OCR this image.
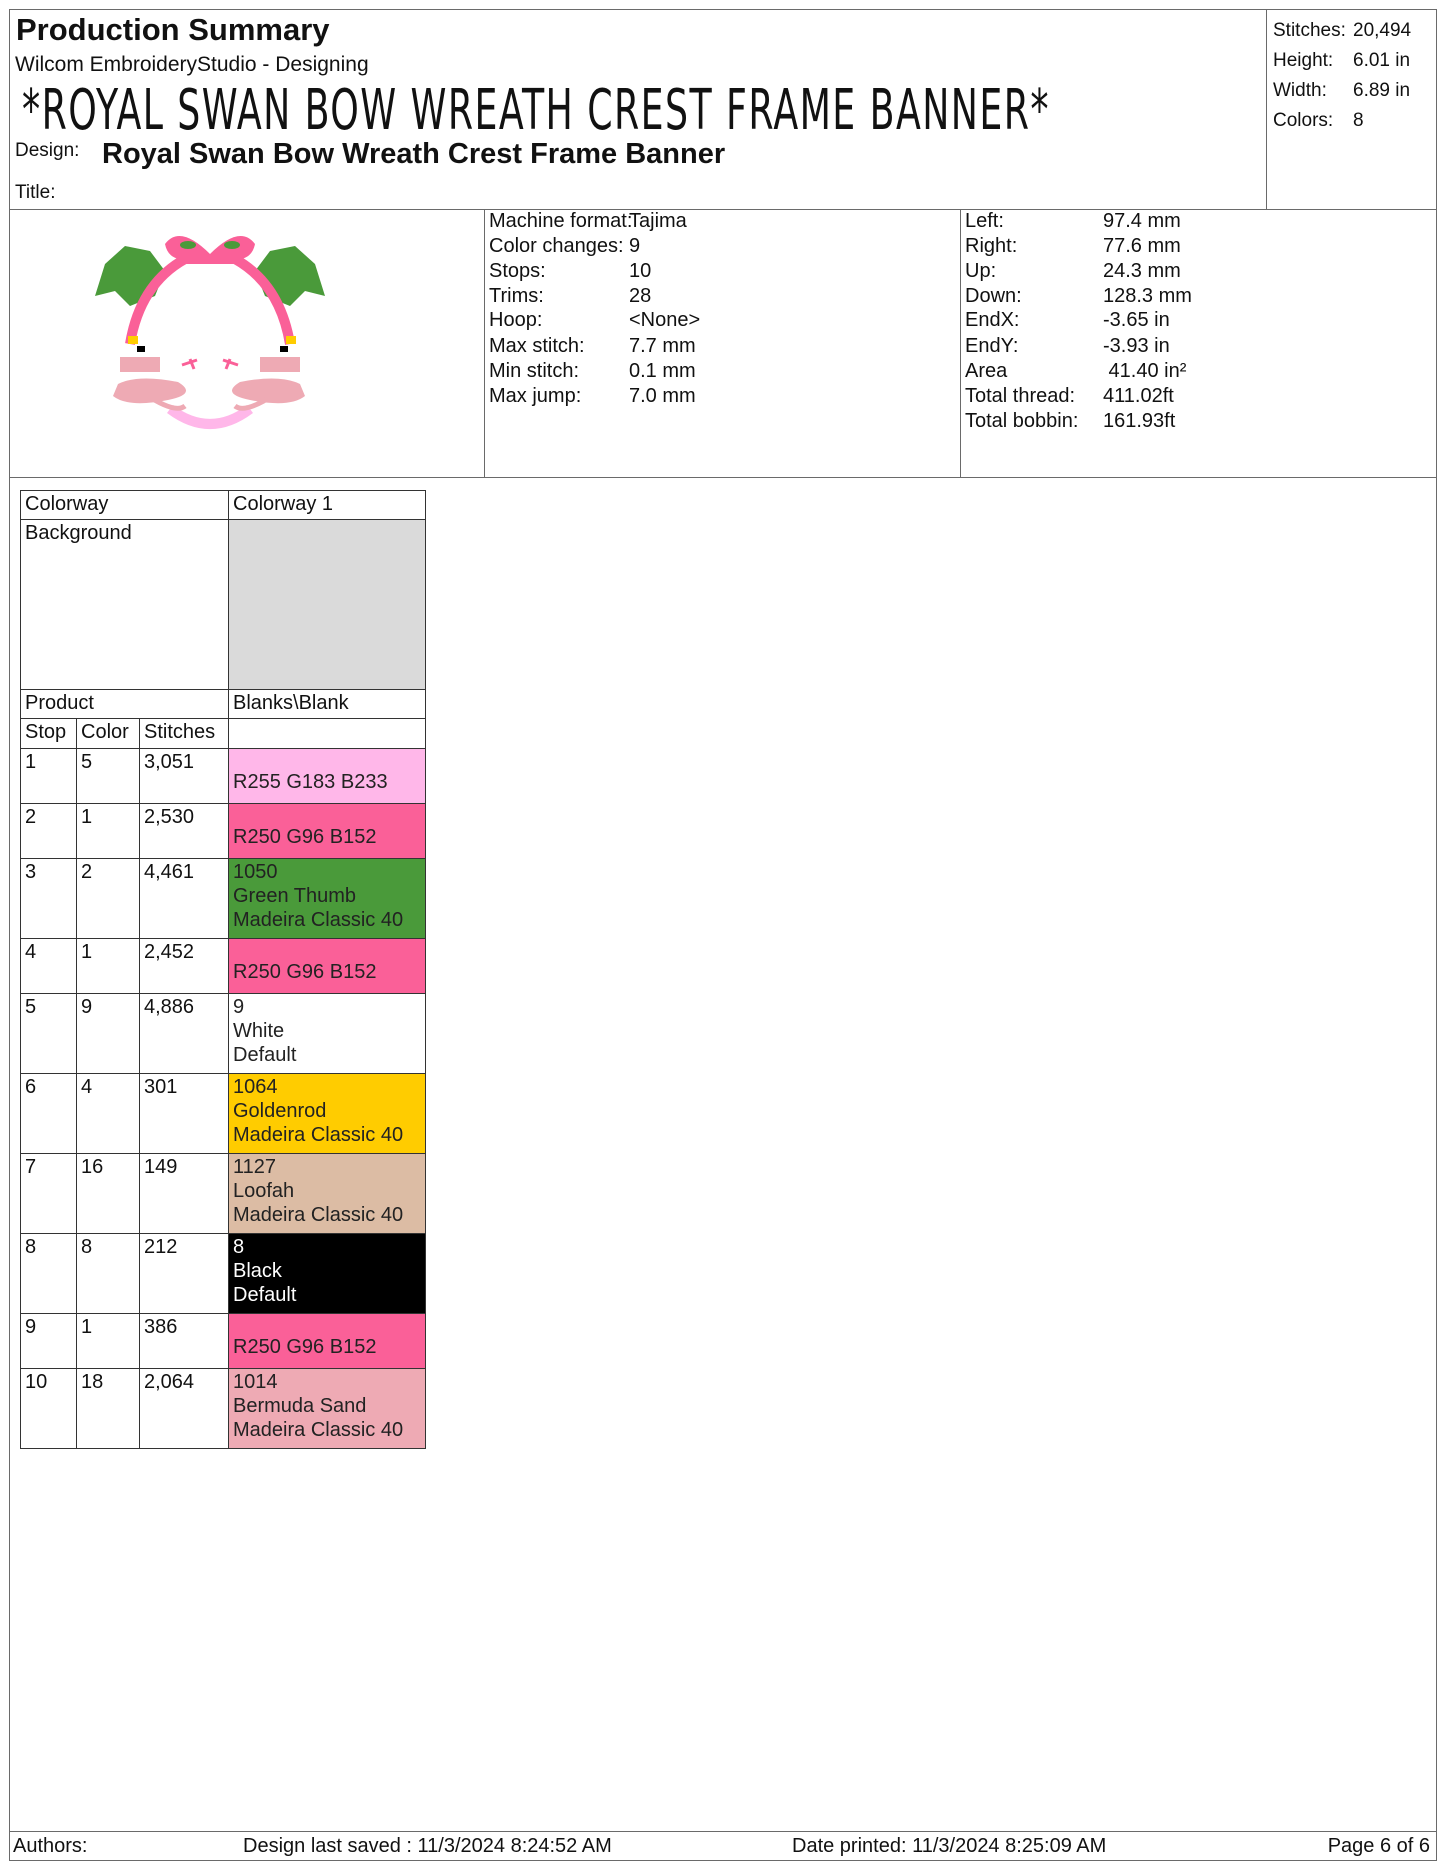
Production Summary
Wilcom EmbroideryStudio - Designing
*ROYAL SWAN BOW WREATH CREST FRAME BANNER*
Design: Royal Swan Bow Wreath Crest Frame Banner
Title:
Stitches: 20,494
Height: 6.01 in
Width: 6.89 in
Colors: 8
Machine format:
Tajima
Color changes: 9
Stops:	10
Trims:	28
Hoop:	<None>
Max stitch: 7.7 mm
Min stitch: 0.1 mm
Max jump: 7.0 mm
Left:	97.4 mm
Right:	77.6 mm
Up:	24.3 mm
Down:	128.3 mm
EndX:	-3.65 in
EndY:	-3.93 in
Area	41.40 in²
Total thread: 411.02ft
Total bobbin: 161.93ft
Authors:	Design last saved : 11/3/2024 8:24:52 AM	Date printed: 11/3/2024 8:25:09 AM	Page 6 of 6
Colorway			Colorway 1
Background			
Product			Blanks\Blank
Stop	Color	Stitches	
1	5	3,051	R255 G183 B233

2	1	2,530	R250 G96 B152

3	2	4,461	1050
Green Thumb
Madeira Classic 40

4	1	2,452	R250 G96 B152

5	9	4,886	9
White
Default

6	4	301	1064
Goldenrod
Madeira Classic 40

7	16	149	1127
Loofah
Madeira Classic 40

8	8	212	8
Black
Default

9	1	386	R250 G96 B152

10	18	2,064	1014
Bermuda Sand
Madeira Classic 40
